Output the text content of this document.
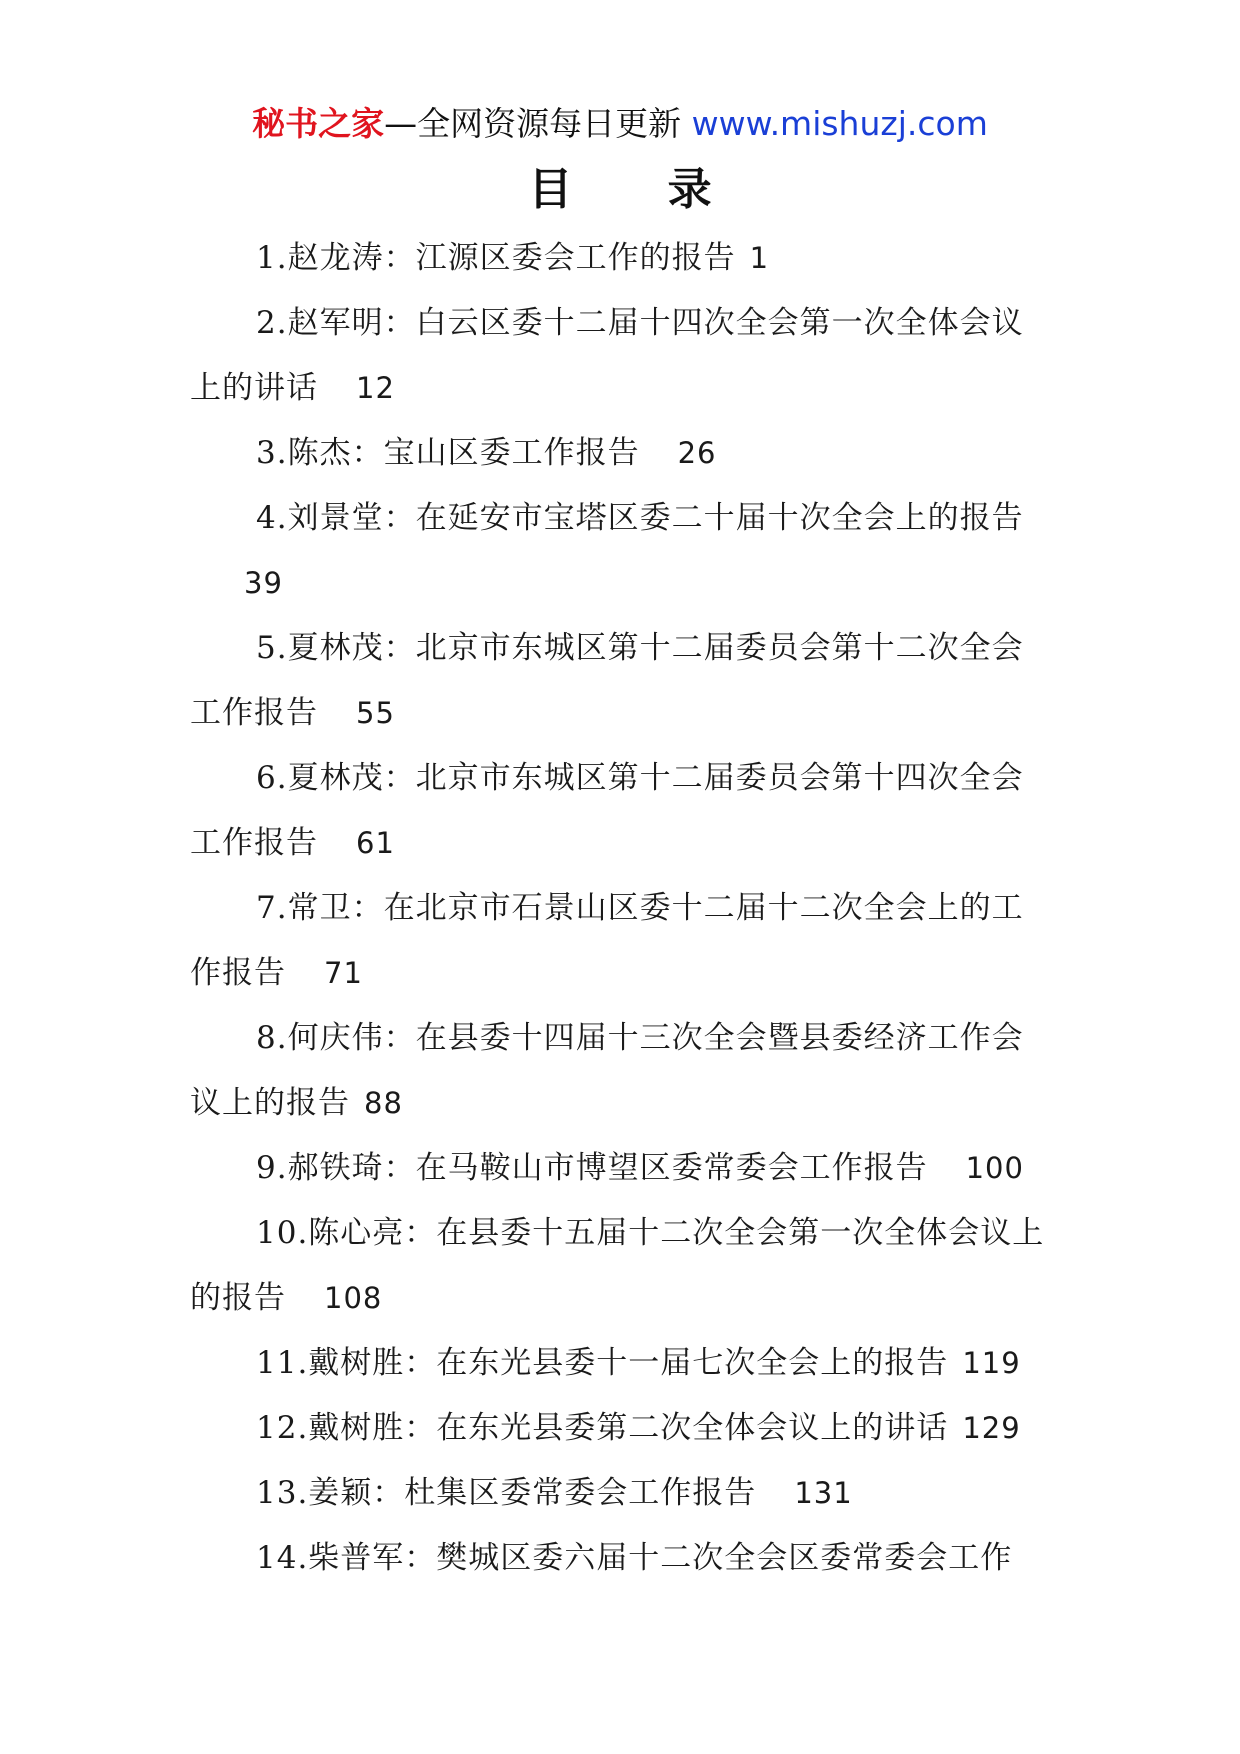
秘书之家—全网资源每日更新 www.mishuzj.com
目 录
1.赵龙涛：江源区委会工作的报告 1
2.赵军明：白云区委十二届十四次全会第一次全体会议上的讲话 12
3.陈杰：宝山区委工作报告 26
4.刘景堂：在延安市宝塔区委二十届十次全会上的报告
39
5.夏林茂：北京市东城区第十二届委员会第十二次全会工作报告 55
6.夏林茂：北京市东城区第十二届委员会第十四次全会工作报告 61
7.常卫：在北京市石景山区委十二届十二次全会上的工作报告 71
8.何庆伟：在县委十四届十三次全会暨县委经济工作会议上的报告 88
9.郝铁琦：在马鞍山市博望区委常委会工作报告 100
10.陈心亮：在县委十五届十二次全会第一次全体会议上的报告 108
11.戴树胜：在东光县委十一届七次全会上的报告 119
12.戴树胜：在东光县委第二次全体会议上的讲话 129
13.姜颖：杜集区委常委会工作报告 131
14.柴普军：樊城区委六届十二次全会区委常委会工作
